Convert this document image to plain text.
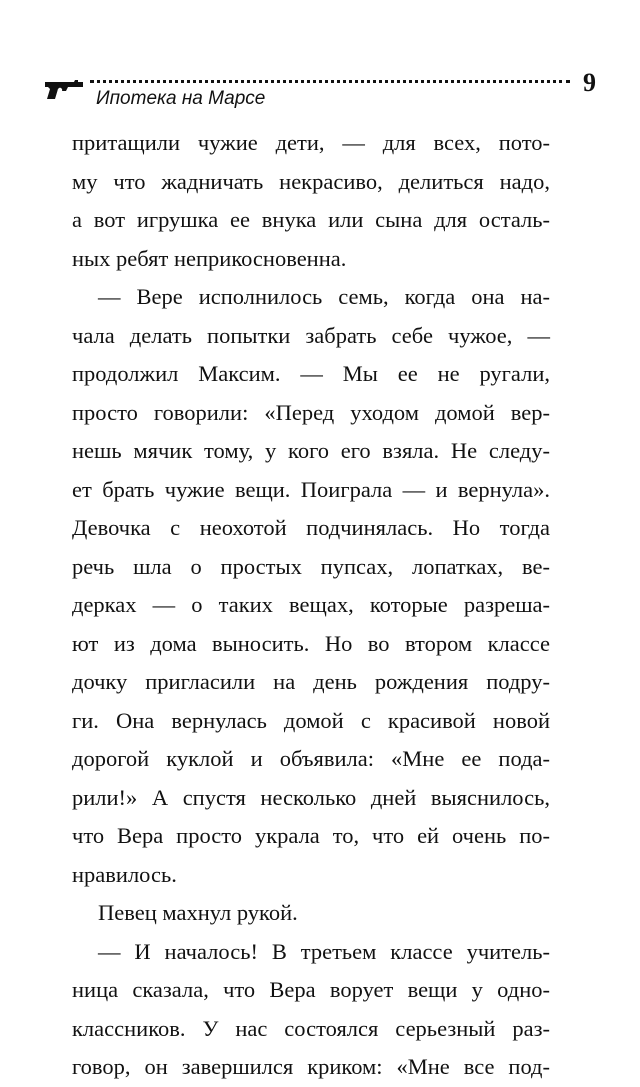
Ипотека на Марсе
9
притащили чужие дети, — для всех, пото-
му что жадничать некрасиво, делиться надо,
а вот игрушка ее внука или сына для осталь-
ных ребят неприкосновенна.
— Вере исполнилось семь, когда она на-
чала делать попытки забрать себе чужое, —
продолжил Максим. — Мы ее не ругали,
просто говорили: «Перед уходом домой вер-
нешь мячик тому, у кого его взяла. Не следу-
ет брать чужие вещи. Поиграла — и вернула».
Девочка с неохотой подчинялась. Но тогда
речь шла о простых пупсах, лопатках, ве-
дерках — о таких вещах, которые разреша-
ют из дома выносить. Но во втором классе
дочку пригласили на день рождения подру-
ги. Она вернулась домой с красивой новой
дорогой куклой и объявила: «Мне ее пода-
рили!» А спустя несколько дней выяснилось,
что Вера просто украла то, что ей очень по-
нравилось.
Певец махнул рукой.
— И началось! В третьем классе учитель-
ница сказала, что Вера ворует вещи у одно-
классников. У нас состоялся серьезный раз-
говор, он завершился криком: «Мне все под-
